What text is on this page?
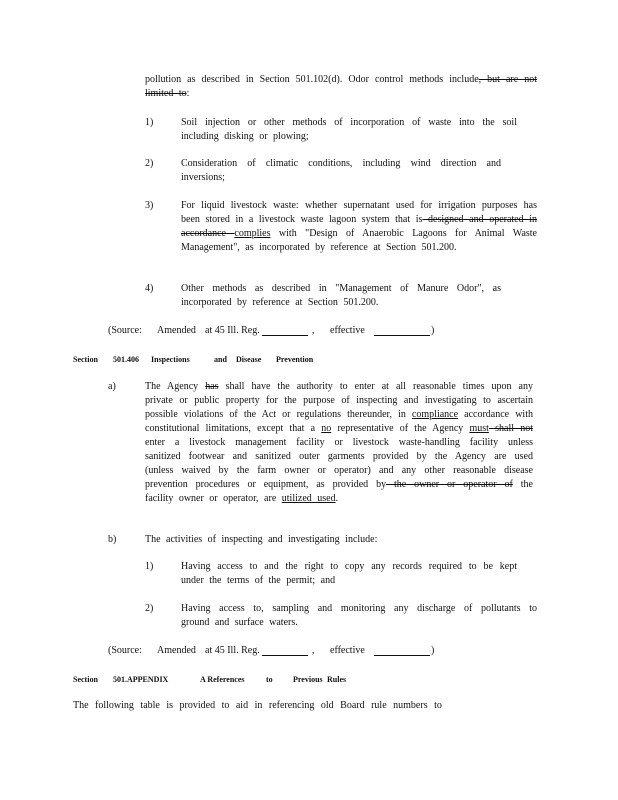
pollution as described in Section 501.102(d). Odor control methods include, but are not limited to:
1)	Soil injection or other methods of incorporation of waste into the soil including disking or plowing;
2)	Consideration of climatic conditions, including wind direction and inversions;
3)	For liquid livestock waste: whether supernatant used for irrigation purposes has been stored in a livestock waste lagoon system that is designed and operated in accordance complies with "Design of Anaerobic Lagoons for Animal Waste Management", as incorporated by reference at Section 501.200.
4)	Other methods as described in "Management of Manure Odor", as incorporated by reference at Section 501.200.
(Source: Amended at 45 Ill. Reg.	, effective	)
Section 501.406 Inspections	and Disease Prevention
a)	The Agency has shall have the authority to enter at all reasonable times upon any private or public property for the purpose of inspecting and investigating to ascertain possible violations of the Act or regulations thereunder, in compliance accordance with constitutional limitations, except that a no representative of the Agency must shall not enter a livestock management facility or livestock waste-handling facility unless sanitized footwear and sanitized outer garments provided by the Agency are used (unless waived by the farm owner or operator) and any other reasonable disease prevention procedures or equipment, as provided by the owner or operator of the facility owner or operator, are utilized used.
b)	The activities of inspecting and investigating include:
1)	Having access to and the right to copy any records required to be kept under the terms of the permit; and
2)	Having access to, sampling and monitoring any discharge of pollutants to ground and surface waters.
(Source: Amended at 45 Ill. Reg.	, effective	)
Section 501.APPENDIX	A References	to	Previous Rules
The following table is provided to aid in referencing old Board rule numbers to
